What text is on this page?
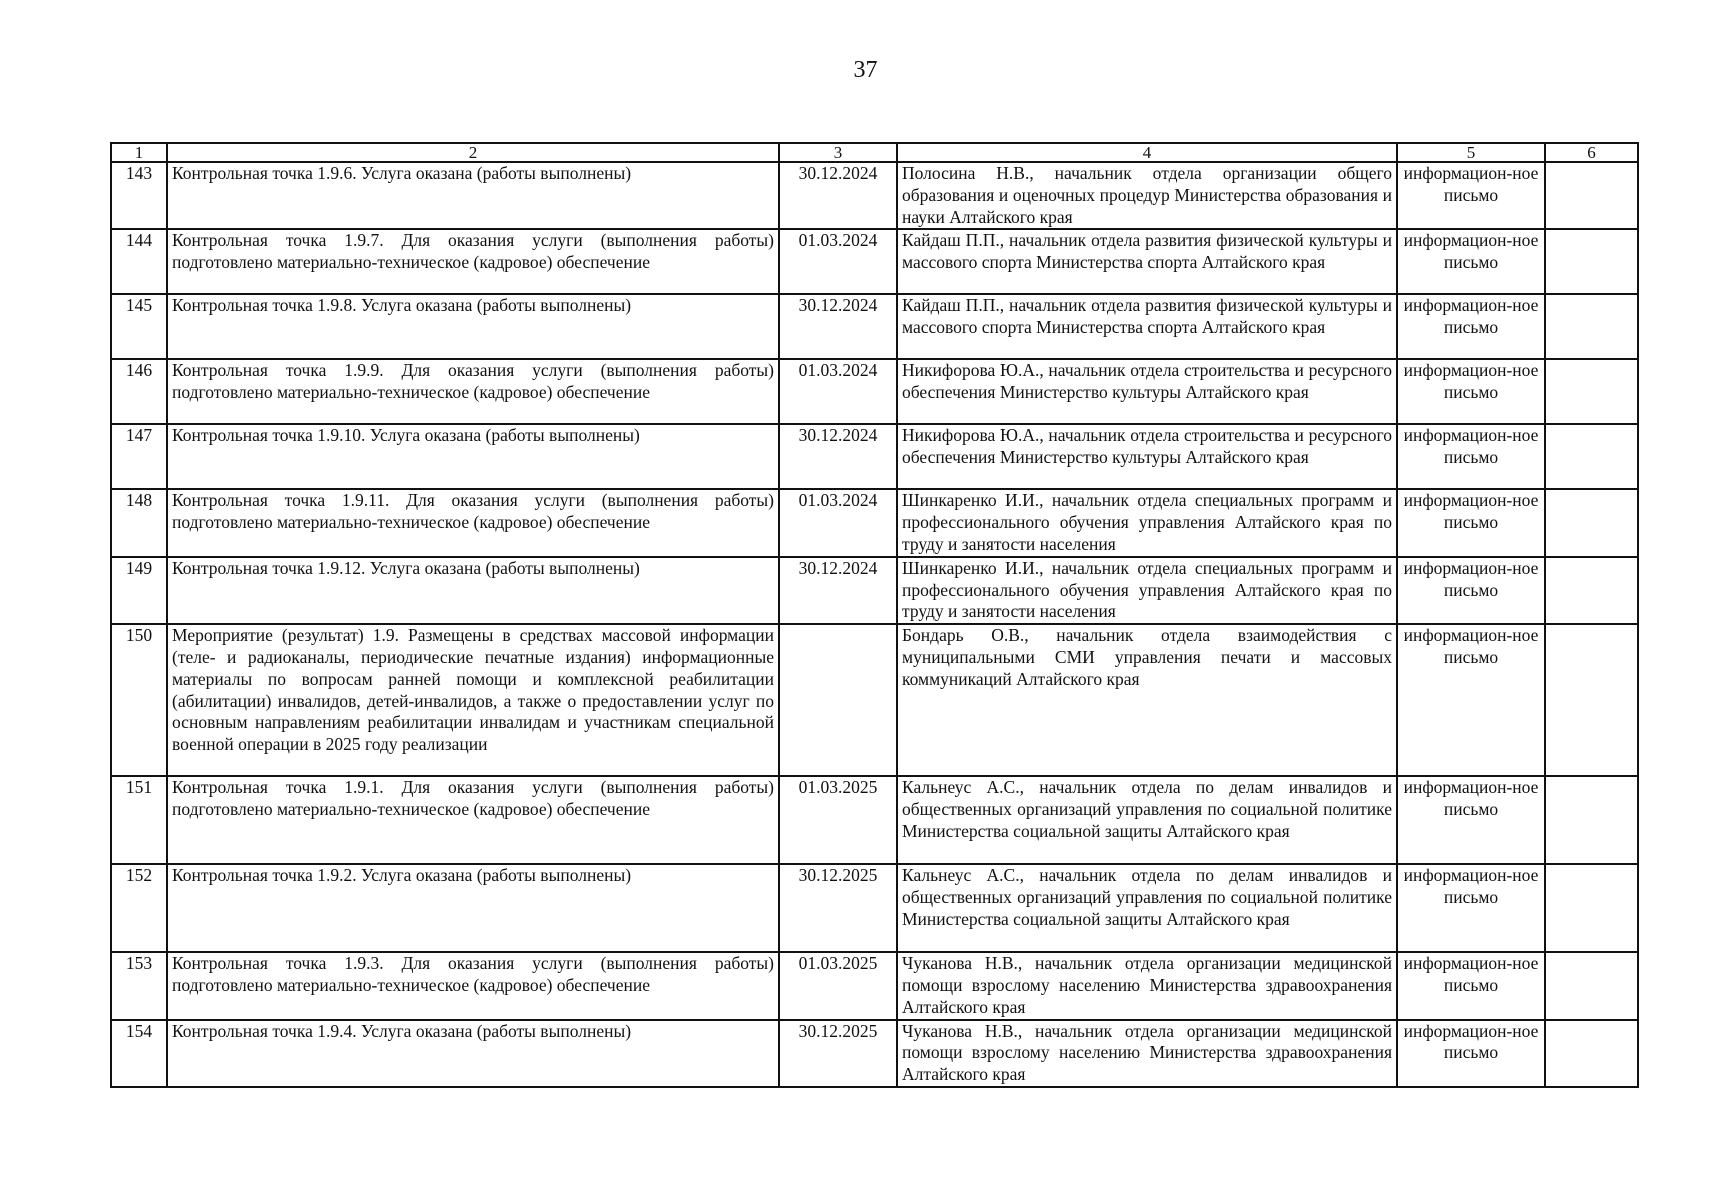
37
1	2	3	4	5	6
143	Контрольная точка 1.9.6. Услуга оказана (работы выполнены)	30.12.2024	Полосина Н.В., начальник отдела организации общего образования и оценочных процедур Министерства образования и науки Алтайского края	информацион-ное письмо	
144	Контрольная точка 1.9.7. Для оказания услуги (выполнения работы) подготовлено материально-техническое (кадровое) обеспечение	01.03.2024	Кайдаш П.П., начальник отдела развития физической культуры и массового спорта Министерства спорта Алтайского края	информацион-ное письмо	
145	Контрольная точка 1.9.8. Услуга оказана (работы выполнены)	30.12.2024	Кайдаш П.П., начальник отдела развития физической культуры и массового спорта Министерства спорта Алтайского края	информацион-ное письмо	
146	Контрольная точка 1.9.9. Для оказания услуги (выполнения работы) подготовлено материально-техническое (кадровое) обеспечение	01.03.2024	Никифорова Ю.А., начальник отдела строительства и ресурсного обеспечения Министерство культуры Алтайского края	информацион-ное письмо	
147	Контрольная точка 1.9.10. Услуга оказана (работы выполнены)	30.12.2024	Никифорова Ю.А., начальник отдела строительства и ресурсного обеспечения Министерство культуры Алтайского края	информацион-ное письмо	
148	Контрольная точка 1.9.11. Для оказания услуги (выполнения работы) подготовлено материально-техническое (кадровое) обеспечение	01.03.2024	Шинкаренко И.И., начальник отдела специальных программ и профессионального обучения управления Алтайского края по труду и занятости населения	информацион-ное письмо	
149	Контрольная точка 1.9.12. Услуга оказана (работы выполнены)	30.12.2024	Шинкаренко И.И., начальник отдела специальных программ и профессионального обучения управления Алтайского края по труду и занятости населения	информацион-ное письмо	
150	Мероприятие (результат) 1.9. Размещены в средствах массовой информации (теле- и радиоканалы, периодические печатные издания) информационные материалы по вопросам ранней помощи и комплексной реабилитации (абилитации) инвалидов, детей-инвалидов, а также о предоставлении услуг по основным направлениям реабилитации инвалидам и участникам специальной военной операции в 2025 году реализации		Бондарь О.В., начальник отдела взаимодействия с муниципальными СМИ управления печати и массовых коммуникаций Алтайского края	информацион-ное письмо	
151	Контрольная точка 1.9.1. Для оказания услуги (выполнения работы) подготовлено материально-техническое (кадровое) обеспечение	01.03.2025	Кальнеус А.С., начальник отдела по делам инвалидов и общественных организаций управления по социальной политике Министерства социальной защиты Алтайского края	информацион-ное письмо	
152	Контрольная точка 1.9.2. Услуга оказана (работы выполнены)	30.12.2025	Кальнеус А.С., начальник отдела по делам инвалидов и общественных организаций управления по социальной политике Министерства социальной защиты Алтайского края	информацион-ное письмо	
153	Контрольная точка 1.9.3. Для оказания услуги (выполнения работы) подготовлено материально-техническое (кадровое) обеспечение	01.03.2025	Чуканова Н.В., начальник отдела организации медицинской помощи взрослому населению Министерства здравоохранения Алтайского края	информацион-ное письмо	
154	Контрольная точка 1.9.4. Услуга оказана (работы выполнены)	30.12.2025	Чуканова Н.В., начальник отдела организации медицинской помощи взрослому населению Министерства здравоохранения Алтайского края	информацион-ное письмо	
